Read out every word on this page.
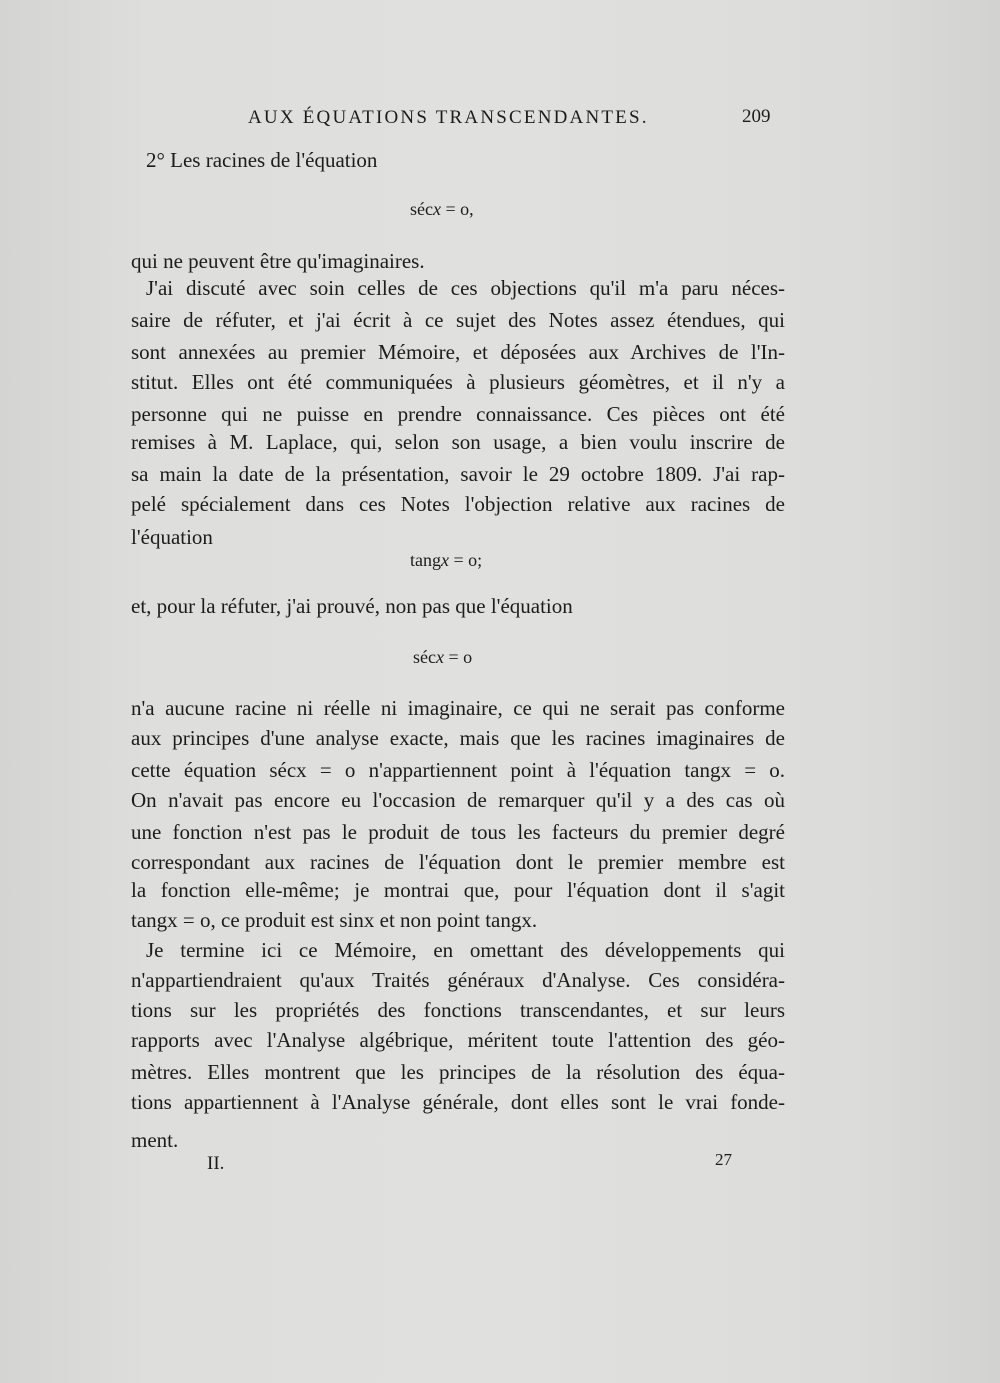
AUX ÉQUATIONS TRANSCENDANTES.	209
2° Les racines de l'équation
sécx = o,
qui ne peuvent être qu'imaginaires.
J'ai discuté avec soin celles de ces objections qu'il m'a paru néces-
saire de réfuter, et j'ai écrit à ce sujet des Notes assez étendues, qui
sont annexées au premier Mémoire, et déposées aux Archives de l'In-
stitut. Elles ont été communiquées à plusieurs géomètres, et il n'y a
personne qui ne puisse en prendre connaissance. Ces pièces ont été
remises à M. Laplace, qui, selon son usage, a bien voulu inscrire de
sa main la date de la présentation, savoir le 29 octobre 1809. J'ai rap-
pelé spécialement dans ces Notes l'objection relative aux racines de
l'équation
tangx = o;
et, pour la réfuter, j'ai prouvé, non pas que l'équation
sécx = o
n'a aucune racine ni réelle ni imaginaire, ce qui ne serait pas conforme
aux principes d'une analyse exacte, mais que les racines imaginaires de
cette équation sécx = o n'appartiennent point à l'équation tangx = o.
On n'avait pas encore eu l'occasion de remarquer qu'il y a des cas où
une fonction n'est pas le produit de tous les facteurs du premier degré
correspondant aux racines de l'équation dont le premier membre est
la fonction elle-même; je montrai que, pour l'équation dont il s'agit
tangx = o, ce produit est sinx et non point tangx.
Je termine ici ce Mémoire, en omettant des développements qui
n'appartiendraient qu'aux Traités généraux d'Analyse. Ces considéra-
tions sur les propriétés des fonctions transcendantes, et sur leurs
rapports avec l'Analyse algébrique, méritent toute l'attention des géo-
mètres. Elles montrent que les principes de la résolution des équa-
tions appartiennent à l'Analyse générale, dont elles sont le vrai fonde-
ment.
II.	27
